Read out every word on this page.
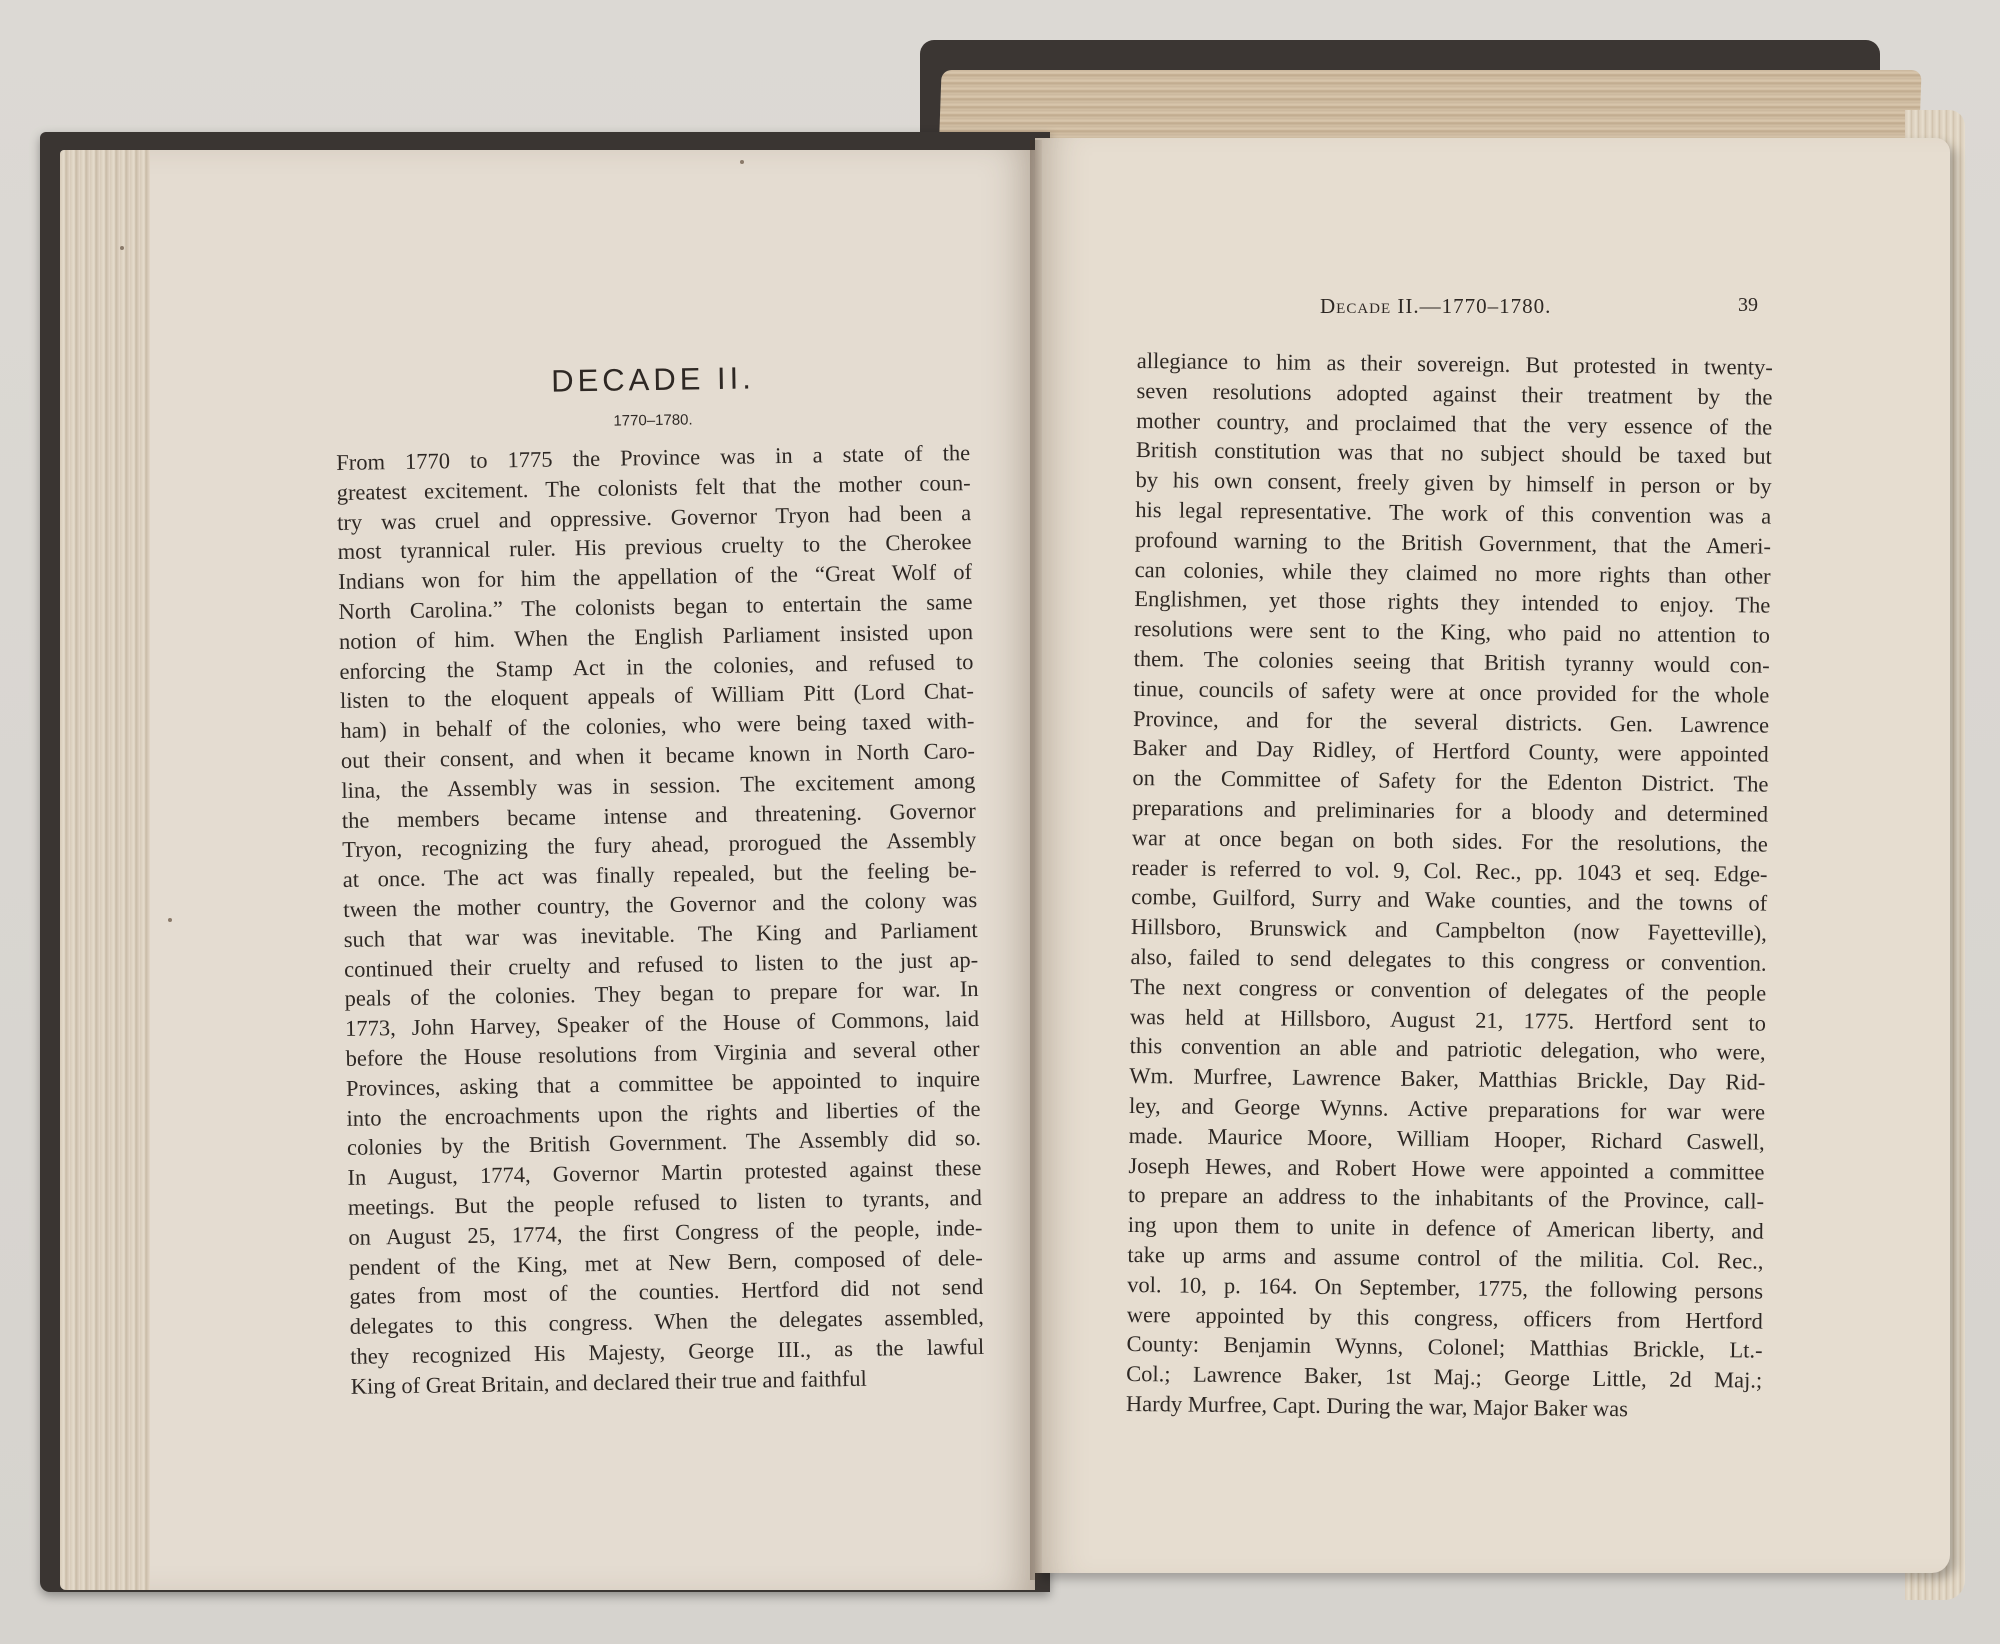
DECADE II.
1770–1780.
From 1770 to 1775 the Province was in a state of the
greatest excitement. The colonists felt that the mother coun-
try was cruel and oppressive. Governor Tryon had been a
most tyrannical ruler. His previous cruelty to the Cherokee
Indians won for him the appellation of the “Great Wolf of
North Carolina.” The colonists began to entertain the same
notion of him. When the English Parliament insisted upon
enforcing the Stamp Act in the colonies, and refused to
listen to the eloquent appeals of William Pitt (Lord Chat-
ham) in behalf of the colonies, who were being taxed with-
out their consent, and when it became known in North Caro-
lina, the Assembly was in session. The excitement among
the members became intense and threatening. Governor
Tryon, recognizing the fury ahead, prorogued the Assembly
at once. The act was finally repealed, but the feeling be-
tween the mother country, the Governor and the colony was
such that war was inevitable. The King and Parliament
continued their cruelty and refused to listen to the just ap-
peals of the colonies. They began to prepare for war. In
1773, John Harvey, Speaker of the House of Commons, laid
before the House resolutions from Virginia and several other
Provinces, asking that a committee be appointed to inquire
into the encroachments upon the rights and liberties of the
colonies by the British Government. The Assembly did so.
In August, 1774, Governor Martin protested against these
meetings. But the people refused to listen to tyrants, and
on August 25, 1774, the first Congress of the people, inde-
pendent of the King, met at New Bern, composed of dele-
gates from most of the counties. Hertford did not send
delegates to this congress. When the delegates assembled,
they recognized His Majesty, George III., as the lawful
King of Great Britain, and declared their true and faithful
Decade II.—1770–1780.	39
allegiance to him as their sovereign. But protested in twenty-
seven resolutions adopted against their treatment by the
mother country, and proclaimed that the very essence of the
British constitution was that no subject should be taxed but
by his own consent, freely given by himself in person or by
his legal representative. The work of this convention was a
profound warning to the British Government, that the Ameri-
can colonies, while they claimed no more rights than other
Englishmen, yet those rights they intended to enjoy. The
resolutions were sent to the King, who paid no attention to
them. The colonies seeing that British tyranny would con-
tinue, councils of safety were at once provided for the whole
Province, and for the several districts. Gen. Lawrence
Baker and Day Ridley, of Hertford County, were appointed
on the Committee of Safety for the Edenton District. The
preparations and preliminaries for a bloody and determined
war at once began on both sides. For the resolutions, the
reader is referred to vol. 9, Col. Rec., pp. 1043 et seq. Edge-
combe, Guilford, Surry and Wake counties, and the towns of
Hillsboro, Brunswick and Campbelton (now Fayetteville),
also, failed to send delegates to this congress or convention.
The next congress or convention of delegates of the people
was held at Hillsboro, August 21, 1775. Hertford sent to
this convention an able and patriotic delegation, who were,
Wm. Murfree, Lawrence Baker, Matthias Brickle, Day Rid-
ley, and George Wynns. Active preparations for war were
made. Maurice Moore, William Hooper, Richard Caswell,
Joseph Hewes, and Robert Howe were appointed a committee
to prepare an address to the inhabitants of the Province, call-
ing upon them to unite in defence of American liberty, and
take up arms and assume control of the militia. Col. Rec.,
vol. 10, p. 164. On September, 1775, the following persons
were appointed by this congress, officers from Hertford
County: Benjamin Wynns, Colonel; Matthias Brickle, Lt.-
Col.; Lawrence Baker, 1st Maj.; George Little, 2d Maj.;
Hardy Murfree, Capt. During the war, Major Baker was
